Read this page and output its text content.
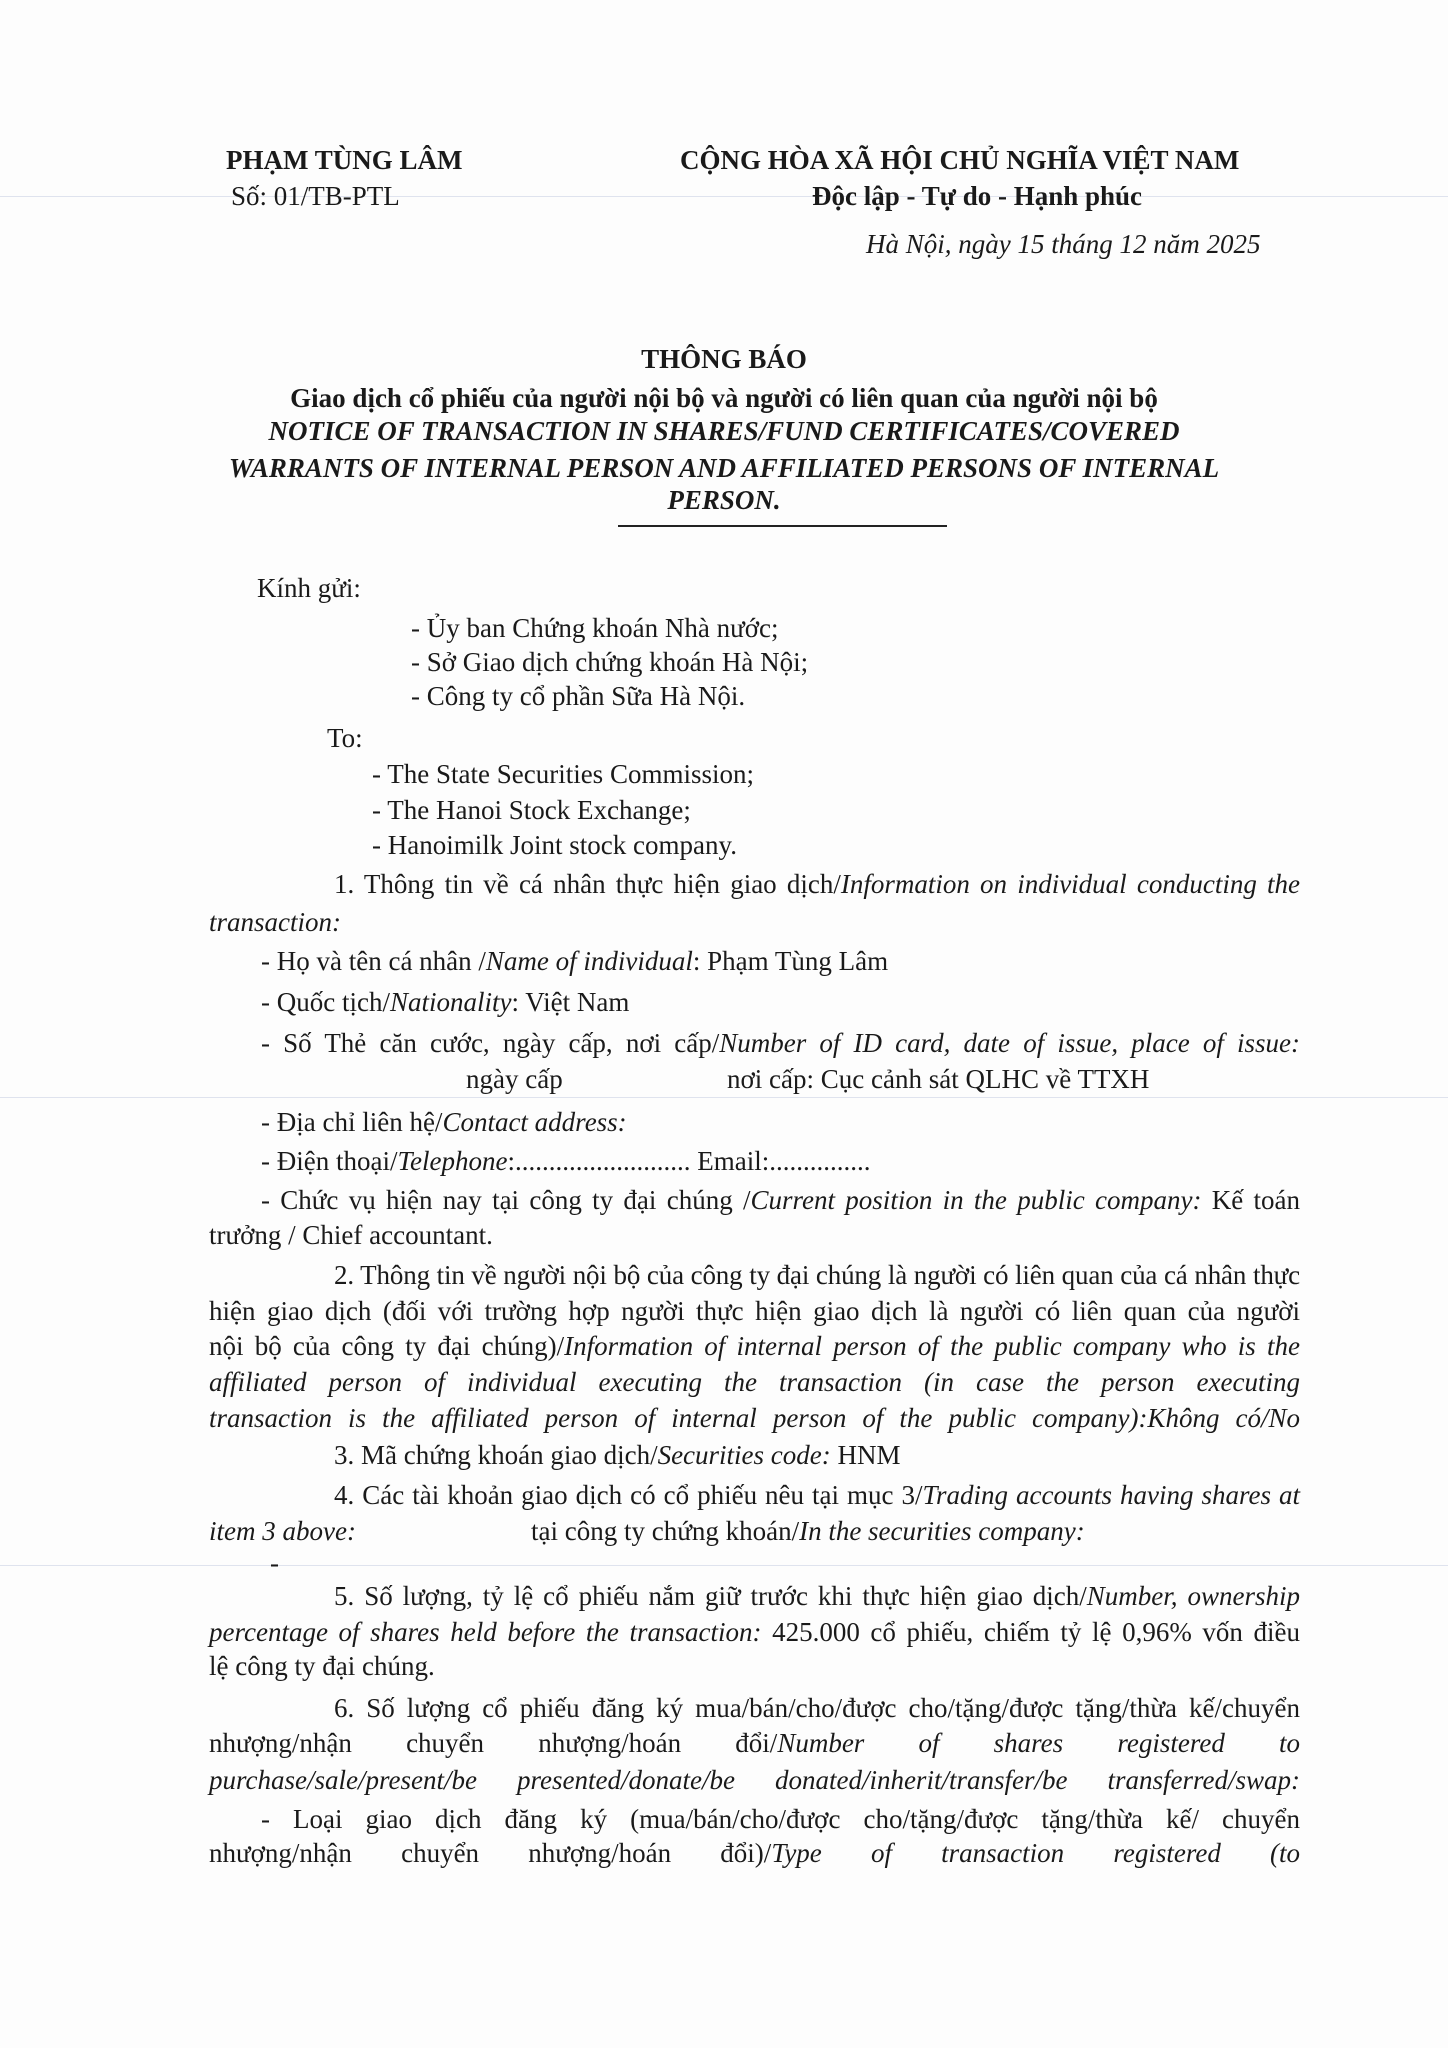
PHẠM TÙNG LÂM
Số: 01/TB-PTL
CỘNG HÒA XÃ HỘI CHỦ NGHĨA VIỆT NAM
Độc lập - Tự do - Hạnh phúc
Hà Nội, ngày 15 tháng 12 năm 2025
THÔNG BÁO
Giao dịch cổ phiếu của người nội bộ và người có liên quan của người nội bộ
NOTICE OF TRANSACTION IN SHARES/FUND CERTIFICATES/COVERED
WARRANTS OF INTERNAL PERSON AND AFFILIATED PERSONS OF INTERNAL
PERSON.
Kính gửi:
- Ủy ban Chứng khoán Nhà nước;
- Sở Giao dịch chứng khoán Hà Nội;
- Công ty cổ phần Sữa Hà Nội.
To:
- The State Securities Commission;
- The Hanoi Stock Exchange;
- Hanoimilk Joint stock company.
1. Thông tin về cá nhân thực hiện giao dịch/Information on individual conducting the
transaction:
- Họ và tên cá nhân /Name of individual: Phạm Tùng Lâm
- Quốc tịch/Nationality: Việt Nam
- Số Thẻ căn cước, ngày cấp, nơi cấp/Number of ID card, date of issue, place of issue:
ngày cấp	nơi cấp: Cục cảnh sát QLHC về TTXH
- Địa chỉ liên hệ/Contact address:
- Điện thoại/Telephone:.......................... Email:...............
- Chức vụ hiện nay tại công ty đại chúng /Current position in the public company: Kế toán
trưởng / Chief accountant.
2. Thông tin về người nội bộ của công ty đại chúng là người có liên quan của cá nhân thực
hiện giao dịch (đối với trường hợp người thực hiện giao dịch là người có liên quan của người
nội bộ của công ty đại chúng)/Information of internal person of the public company who is the
affiliated person of individual executing the transaction (in case the person executing
transaction is the affiliated person of internal person of the public company):Không có/No
3. Mã chứng khoán giao dịch/Securities code: HNM
4. Các tài khoản giao dịch có cổ phiếu nêu tại mục 3/Trading accounts having shares at
item 3 above:	tại công ty chứng khoán/In the securities company:
-
5. Số lượng, tỷ lệ cổ phiếu nắm giữ trước khi thực hiện giao dịch/Number, ownership
percentage of shares held before the transaction: 425.000 cổ phiếu, chiếm tỷ lệ 0,96% vốn điều
lệ công ty đại chúng.
6. Số lượng cổ phiếu đăng ký mua/bán/cho/được cho/tặng/được tặng/thừa kế/chuyển
nhượng/nhận chuyển nhượng/hoán đổi/Number of shares registered to
purchase/sale/present/be presented/donate/be donated/inherit/transfer/be transferred/swap:
- Loại giao dịch đăng ký (mua/bán/cho/được cho/tặng/được tặng/thừa kế/ chuyển
nhượng/nhận chuyển nhượng/hoán đổi)/Type of transaction registered (to
